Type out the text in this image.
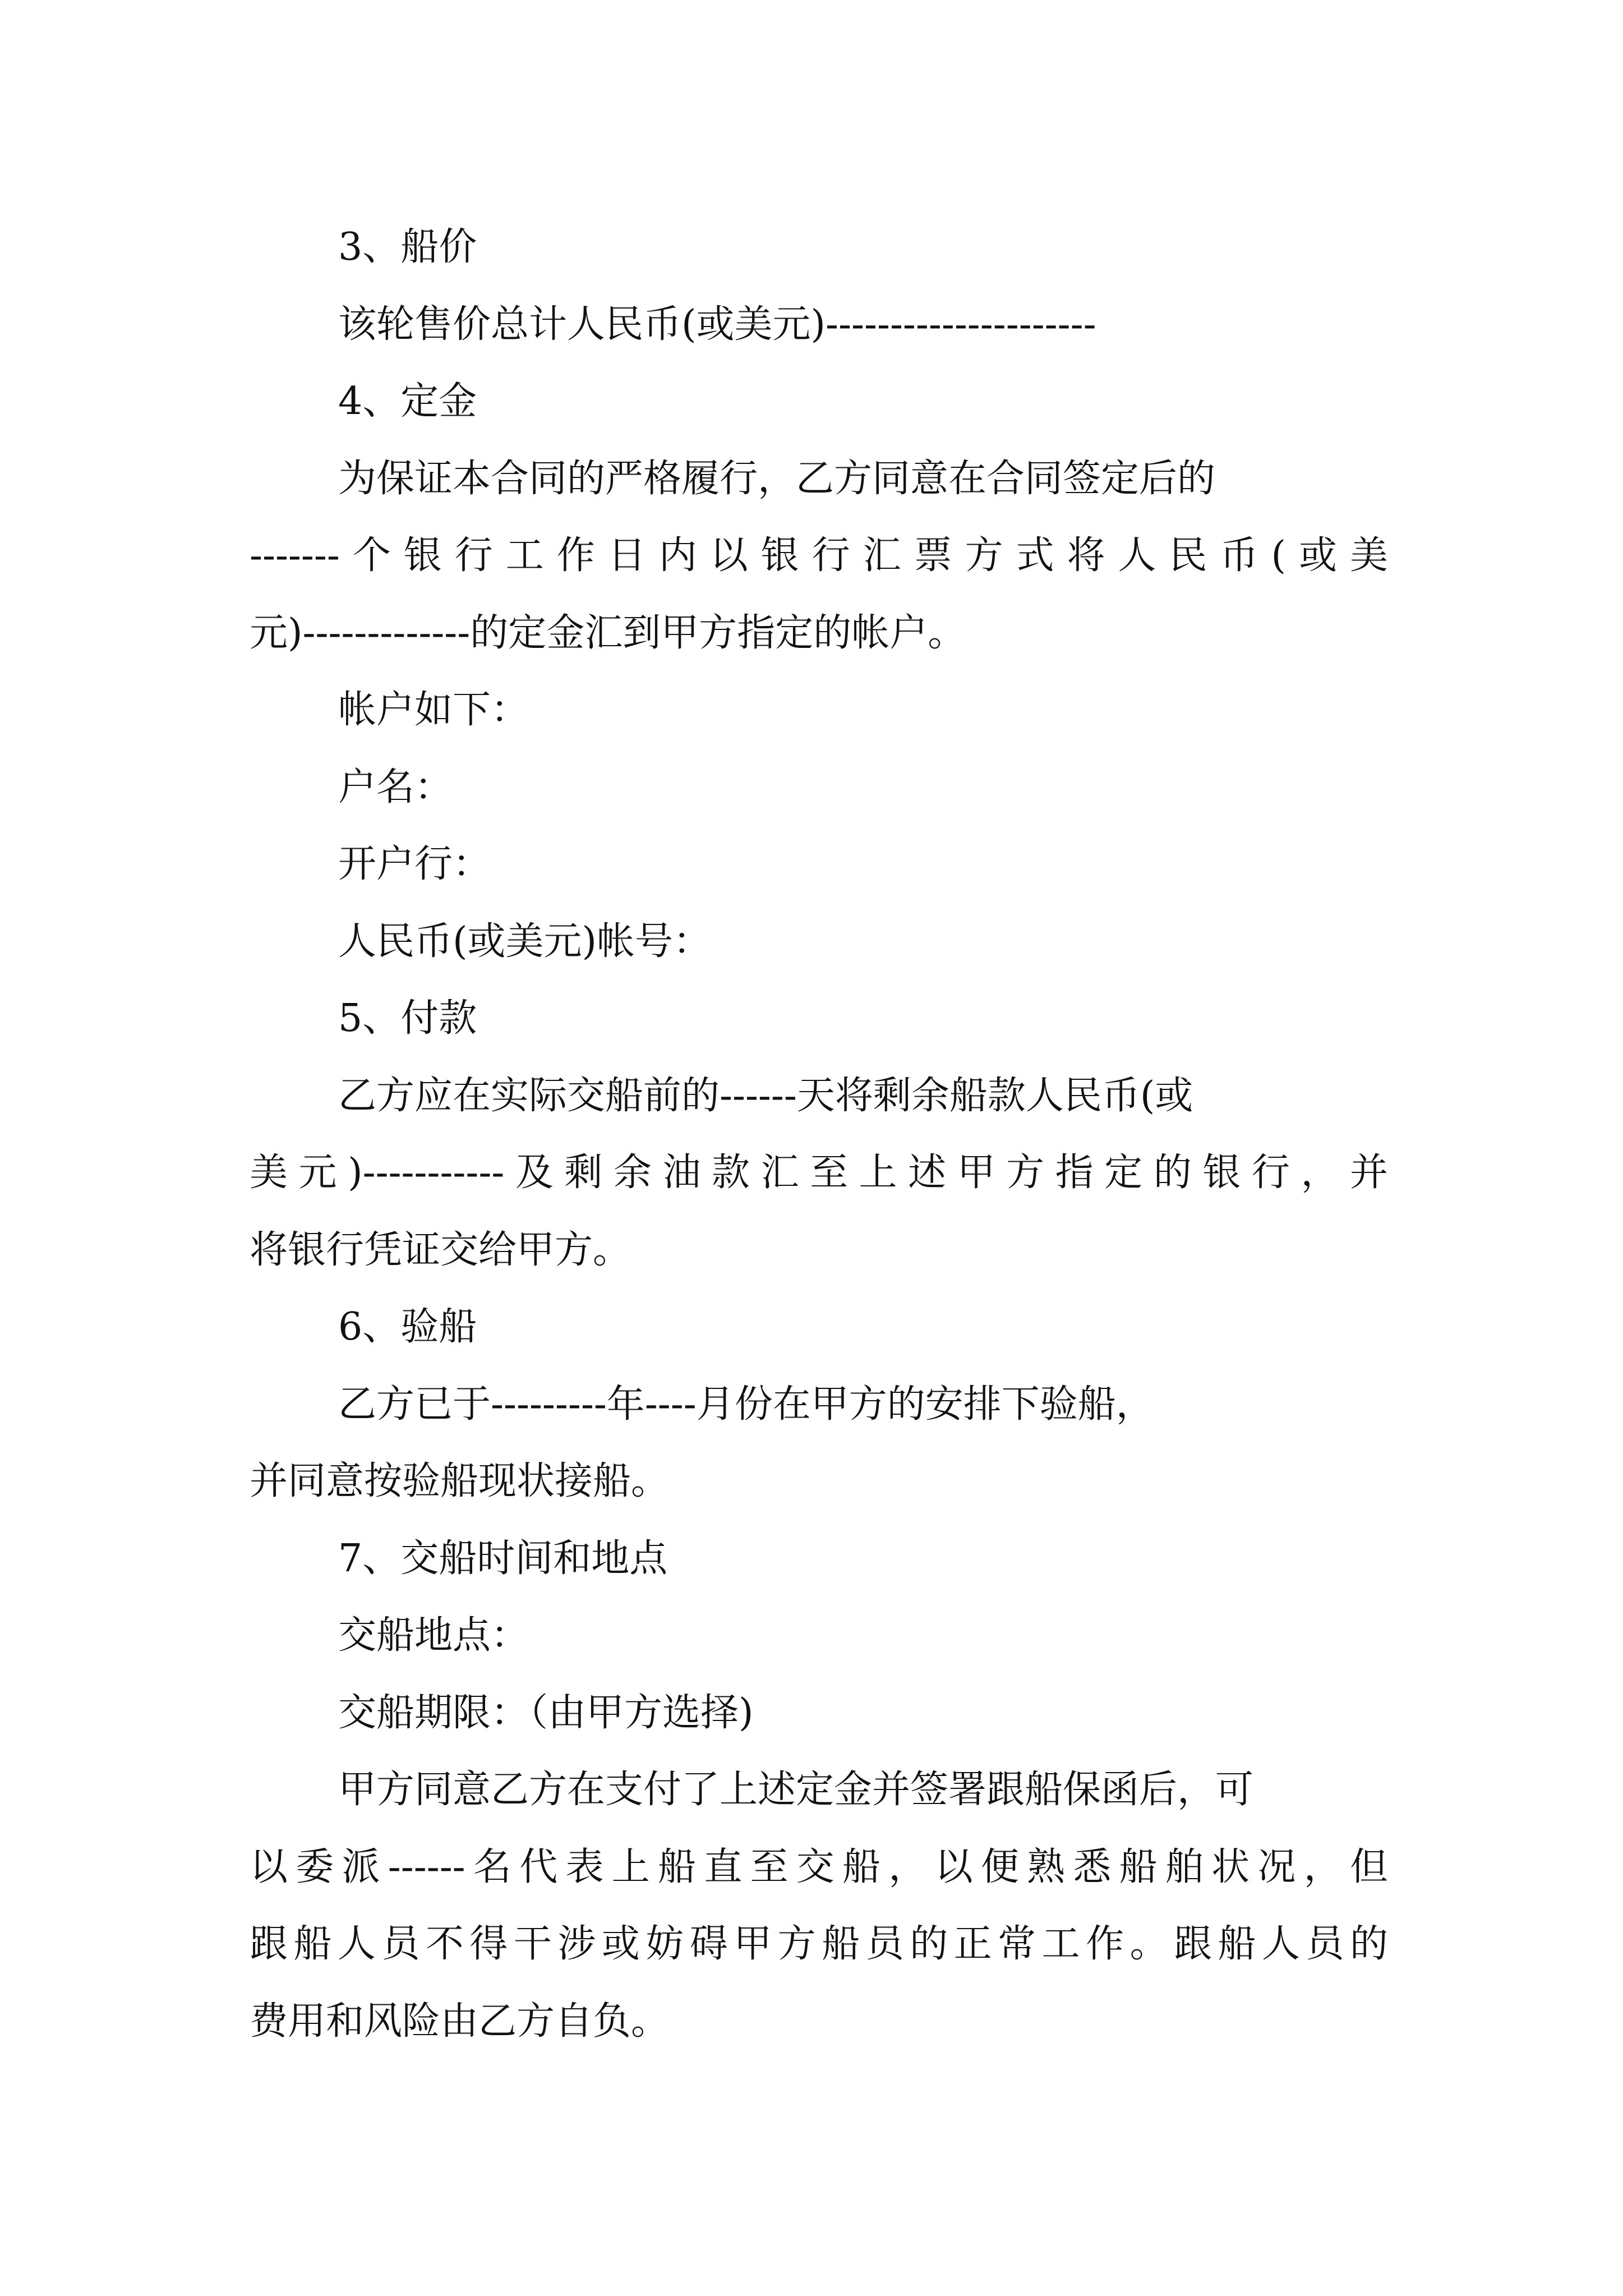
3、船价
该轮售价总计人民币(或美元)---------------------
4、定金
为保证本合同的严格履行，乙方同意在合同签定后的
-------个银行工作日内以银行汇票方式将人民币(或美
元)-------------的定金汇到甲方指定的帐户。
帐户如下：
户名：
开户行：
人民币(或美元)帐号：
5、付款
乙方应在实际交船前的------天将剩余船款人民币(或
美元)-----------及剩余油款汇至上述甲方指定的银行，并
将银行凭证交给甲方。
6、验船
乙方已于---------年----月份在甲方的安排下验船，
并同意按验船现状接船。
7、交船时间和地点
交船地点：
交船期限：（由甲方选择)
甲方同意乙方在支付了上述定金并签署跟船保函后，可
以委派------名代表上船直至交船，以便熟悉船舶状况，但
跟船人员不得干涉或妨碍甲方船员的正常工作。跟船人员的
费用和风险由乙方自负。
